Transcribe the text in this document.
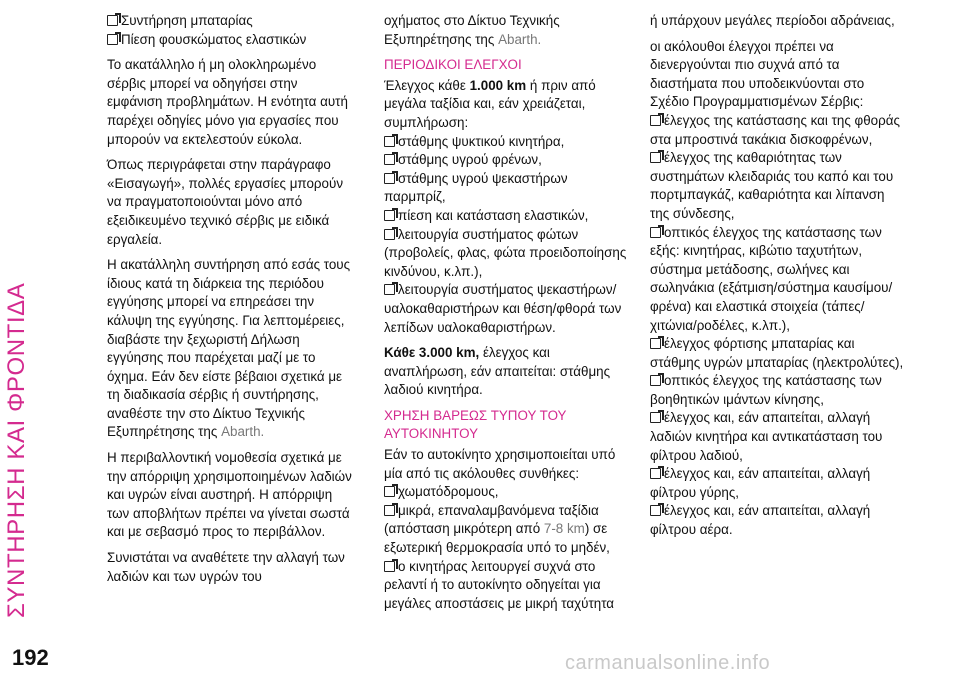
ΣΥΝΤΗΡΗΣΗ ΚΑΙ ΦΡΟΝΤΙΔΑ
Συντήρηση μπαταρίας
Πίεση φουσκώματος ελαστικών

Το ακατάλληλο ή μη ολοκληρωμένο σέρβις μπορεί να οδηγήσει στην εμφάνιση προβλημάτων. Η ενότητα αυτή παρέχει οδηγίες μόνο για εργασίες που μπορούν να εκτελεστούν εύκολα.

Όπως περιγράφεται στην παράγραφο «Εισαγωγή», πολλές εργασίες μπορούν να πραγματοποιούνται μόνο από εξειδικευμένο τεχνικό σέρβις με ειδικά εργαλεία.

Η ακατάλληλη συντήρηση από εσάς τους ίδιους κατά τη διάρκεια της περιόδου εγγύησης μπορεί να επηρεάσει την κάλυψη της εγγύησης. Για λεπτομέρειες, διαβάστε την ξεχωριστή Δήλωση εγγύησης που παρέχεται μαζί με το όχημα. Εάν δεν είστε βέβαιοι σχετικά με τη διαδικασία σέρβις ή συντήρησης, αναθέστε την στο Δίκτυο Τεχνικής Εξυπηρέτησης της Abarth.

Η περιβαλλοντική νομοθεσία σχετικά με την απόρριψη χρησιμοποιημένων λαδιών και υγρών είναι αυστηρή. Η απόρριψη των αποβλήτων πρέπει να γίνεται σωστά και με σεβασμό προς το περιβάλλον.

Συνιστάται να αναθέτετε την αλλαγή των λαδιών και των υγρών του

οχήματος στο Δίκτυο Τεχνικής Εξυπηρέτησης της Abarth.

ΠΕΡΙΟΔΙΚΟΙ ΕΛΕΓΧΟΙ

Έλεγχος κάθε 1.000 km ή πριν από μεγάλα ταξίδια και, εάν χρειάζεται, συμπλήρωση:

στάθμης ψυκτικού κινητήρα,
στάθμης υγρού φρένων,
στάθμης υγρού ψεκαστήρων παρμπρίζ,
πίεση και κατάσταση ελαστικών,
λειτουργία συστήματος φώτων (προβολείς, φλας, φώτα προειδοποίησης κινδύνου, κ.λπ.),
λειτουργία συστήματος ψεκαστήρων/υαλοκαθαριστήρων και θέση/φθορά των λεπίδων υαλοκαθαριστήρων.

Κάθε 3.000 km, έλεγχος και αναπλήρωση, εάν απαιτείται: στάθμης λαδιού κινητήρα.

ΧΡΗΣΗ ΒΑΡΕΩΣ ΤΥΠΟΥ ΤΟΥ ΑΥΤΟΚΙΝΗΤΟΥ

Εάν το αυτοκίνητο χρησιμοποιείται υπό μία από τις ακόλουθες συνθήκες:

χωματόδρομους,
μικρά, επαναλαμβανόμενα ταξίδια (απόσταση μικρότερη από 7-8 km) σε εξωτερική θερμοκρασία υπό το μηδέν,
ο κινητήρας λειτουργεί συχνά στο ρελαντί ή το αυτοκίνητο οδηγείται για μεγάλες αποστάσεις με μικρή ταχύτητα

ή υπάρχουν μεγάλες περίοδοι αδράνειας,

οι ακόλουθοι έλεγχοι πρέπει να διενεργούνται πιο συχνά από τα διαστήματα που υποδεικνύονται στο Σχέδιο Προγραμματισμένων Σέρβις:

έλεγχος της κατάστασης και της φθοράς στα μπροστινά τακάκια δισκοφρένων,
έλεγχος της καθαριότητας των συστημάτων κλειδαριάς του καπό και του πορτμπαγκάζ, καθαριότητα και λίπανση της σύνδεσης,
οπτικός έλεγχος της κατάστασης των εξής: κινητήρας, κιβώτιο ταχυτήτων, σύστημα μετάδοσης, σωλήνες και σωληνάκια (εξάτμιση/σύστημα καυσίμου/φρένα) και ελαστικά στοιχεία (τάπες/χιτώνια/ροδέλες, κ.λπ.),
έλεγχος φόρτισης μπαταρίας και στάθμης υγρών μπαταρίας (ηλεκτρολύτες),
οπτικός έλεγχος της κατάστασης των βοηθητικών ιμάντων κίνησης,
έλεγχος και, εάν απαιτείται, αλλαγή λαδιών κινητήρα και αντικατάσταση του φίλτρου λαδιού,
έλεγχος και, εάν απαιτείται, αλλαγή φίλτρου γύρης,
έλεγχος και, εάν απαιτείται, αλλαγή φίλτρου αέρα.
192	carmanualsonline.info
